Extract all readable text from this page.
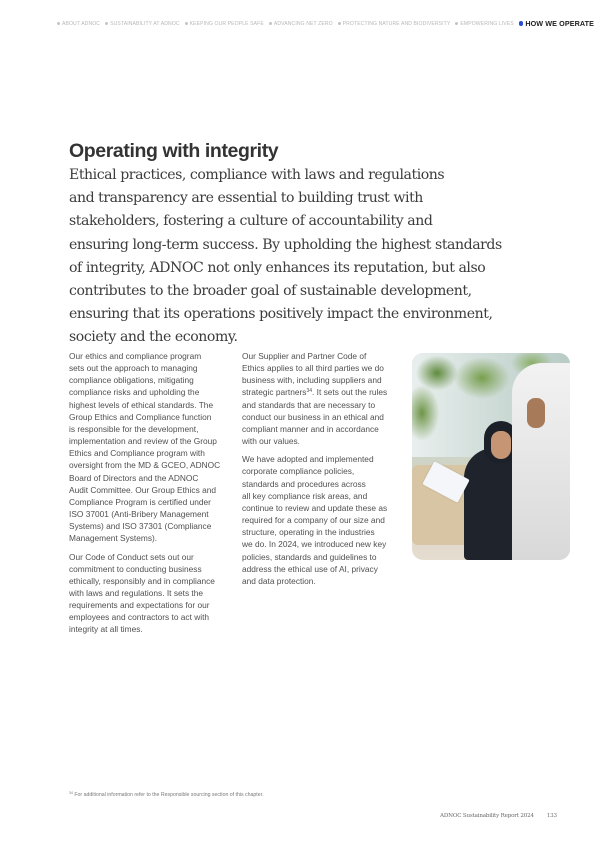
ABOUT ADNOC SUSTAINABILITY AT ADNOC KEEPING OUR PEOPLE SAFE ADVANCING NET ZERO PROTECTING NATURE AND BIODIVERSITY EMPOWERING LIVES HOW WE OPERATE
Operating with integrity
Ethical practices, compliance with laws and regulations
and transparency are essential to building trust with
stakeholders, fostering a culture of accountability and
ensuring long-term success. By upholding the highest standards
of integrity, ADNOC not only enhances its reputation, but also
contributes to the broader goal of sustainable development,
ensuring that its operations positively impact the environment,
society and the economy.

Our ethics and compliance program
sets out the approach to managing
compliance obligations, mitigating
compliance risks and upholding the
highest levels of ethical standards. The
Group Ethics and Compliance function
is responsible for the development,
implementation and review of the Group
Ethics and Compliance program with
oversight from the MD & GCEO, ADNOC
Board of Directors and the ADNOC
Audit Committee. Our Group Ethics and
Compliance Program is certified under
ISO 37001 (Anti-Bribery Management
Systems) and ISO 37301 (Compliance
Management Systems).

Our Code of Conduct sets out our
commitment to conducting business
ethically, responsibly and in compliance
with laws and regulations. It sets the
requirements and expectations for our
employees and contractors to act with
integrity at all times.

Our Supplier and Partner Code of
Ethics applies to all third parties we do
business with, including suppliers and
strategic partners$^{34}$. It sets out the rules
and standards that are necessary to
conduct our business in an ethical and
compliant manner and in accordance
with our values.

We have adopted and implemented
corporate compliance policies,
standards and procedures across
all key compliance risk areas, and
continue to review and update these as
required for a company of our size and
structure, operating in the industries
we do. In 2024, we introduced new key
policies, standards and guidelines to
address the ethical use of AI, privacy
and data protection.

$^{34}$ For additional information refer to the Responsible sourcing section of this chapter.
ADNOC Sustainability Report 2024 133
